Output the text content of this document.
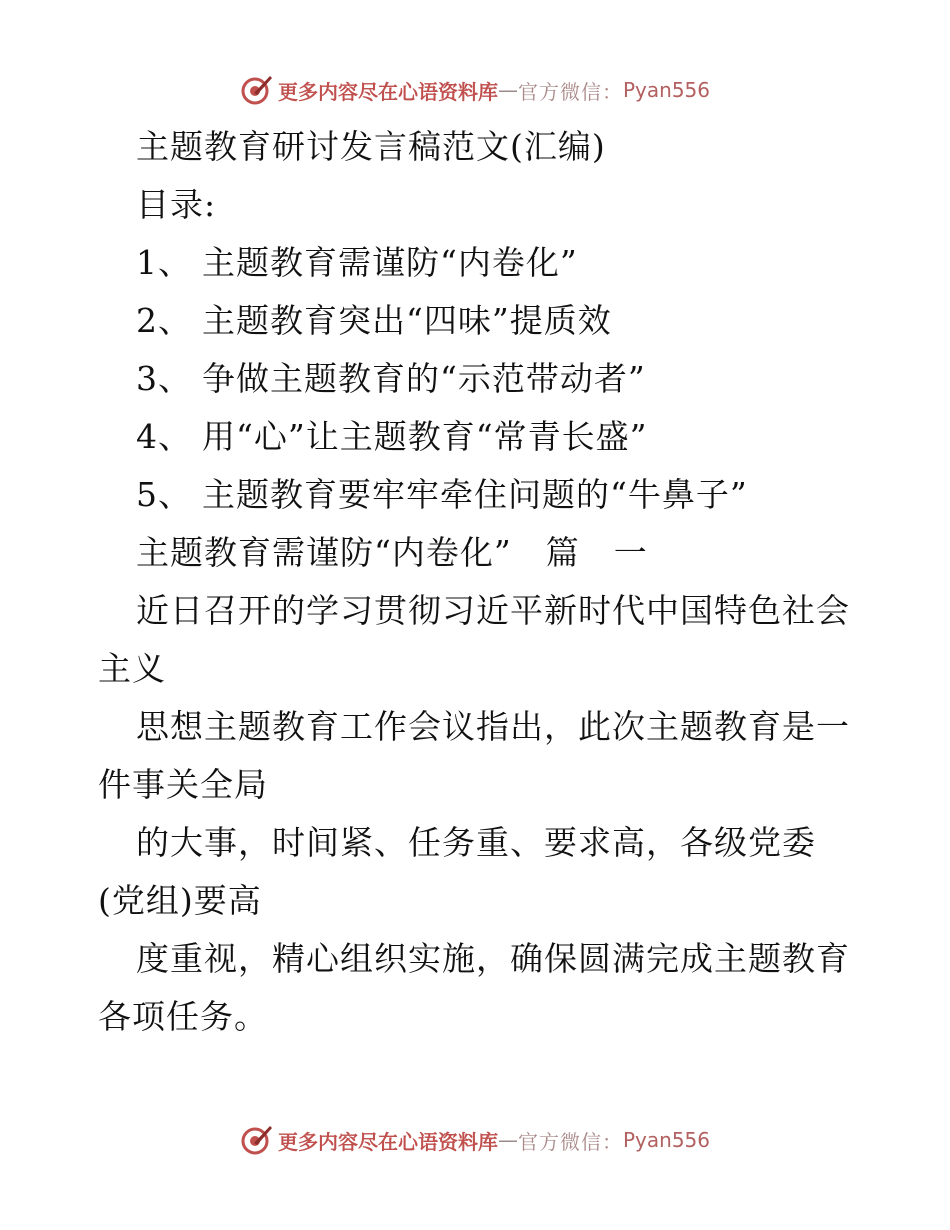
更多内容尽在心语资料库 — 官方微信： Pyan556
主题教育研讨发言稿范文(汇编)
目录:
1、 主题教育需谨防“内卷化”
2、 主题教育突出“四味”提质效
3、 争做主题教育的“示范带动者”
4、 用“心”让主题教育“常青长盛”
5、 主题教育要牢牢牵住问题的“牛鼻子”
主题教育需谨防“内卷化”　篇　一
近日召开的学习贯彻习近平新时代中国特色社会
主义
思想主题教育工作会议指出，此次主题教育是一
件事关全局
的大事，时间紧、任务重、要求高，各级党委
(党组)要高
度重视，精心组织实施，确保圆满完成主题教育
各项任务。
更多内容尽在心语资料库 — 官方微信： Pyan556
